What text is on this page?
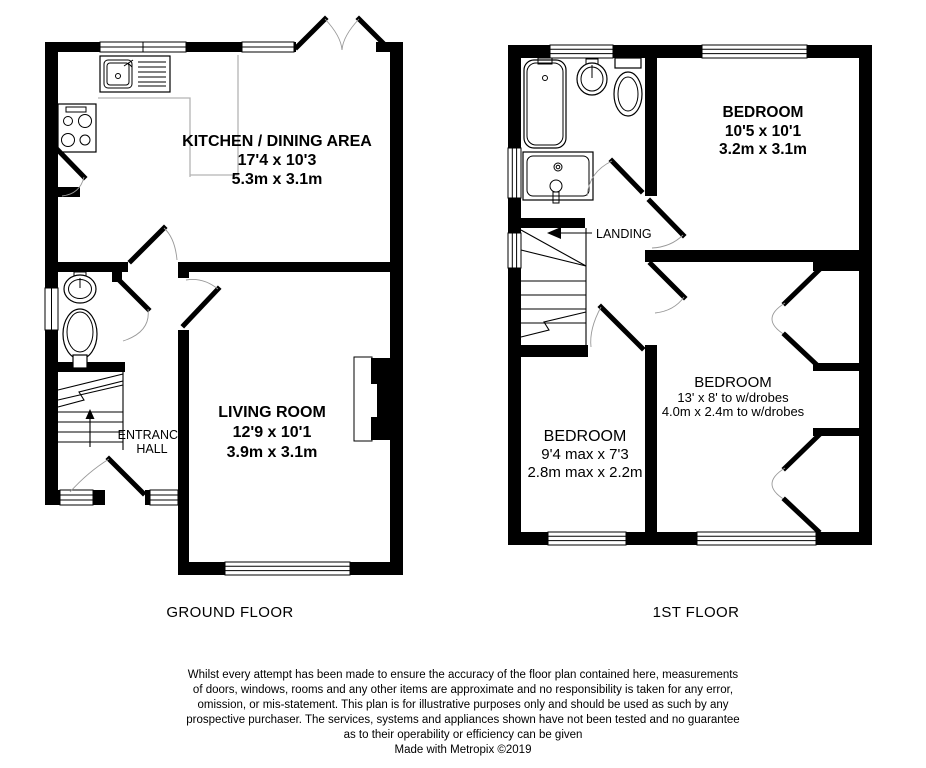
KITCHEN / DINING AREA
17'4 x 10'3
5.3m x 3.1m
LIVING ROOM
12'9 x 10'1
3.9m x 3.1m
ENTRANCE
HALL
BEDROOM
10'5 x 10'1
3.2m x 3.1m
BEDROOM
13' x 8' to w/drobes
4.0m x 2.4m to w/drobes
BEDROOM
9'4 max x 7'3
2.8m max x 2.2m
LANDING
GROUND FLOOR	1ST FLOOR
Whilst every attempt has been made to ensure the accuracy of the floor plan contained here, measurements
of doors, windows, rooms and any other items are approximate and no responsibility is taken for any error,
omission, or mis-statement. This plan is for illustrative purposes only and should be used as such by any
prospective purchaser. The services, systems and appliances shown have not been tested and no guarantee
as to their operability or efficiency can be given
Made with Metropix ©2019
